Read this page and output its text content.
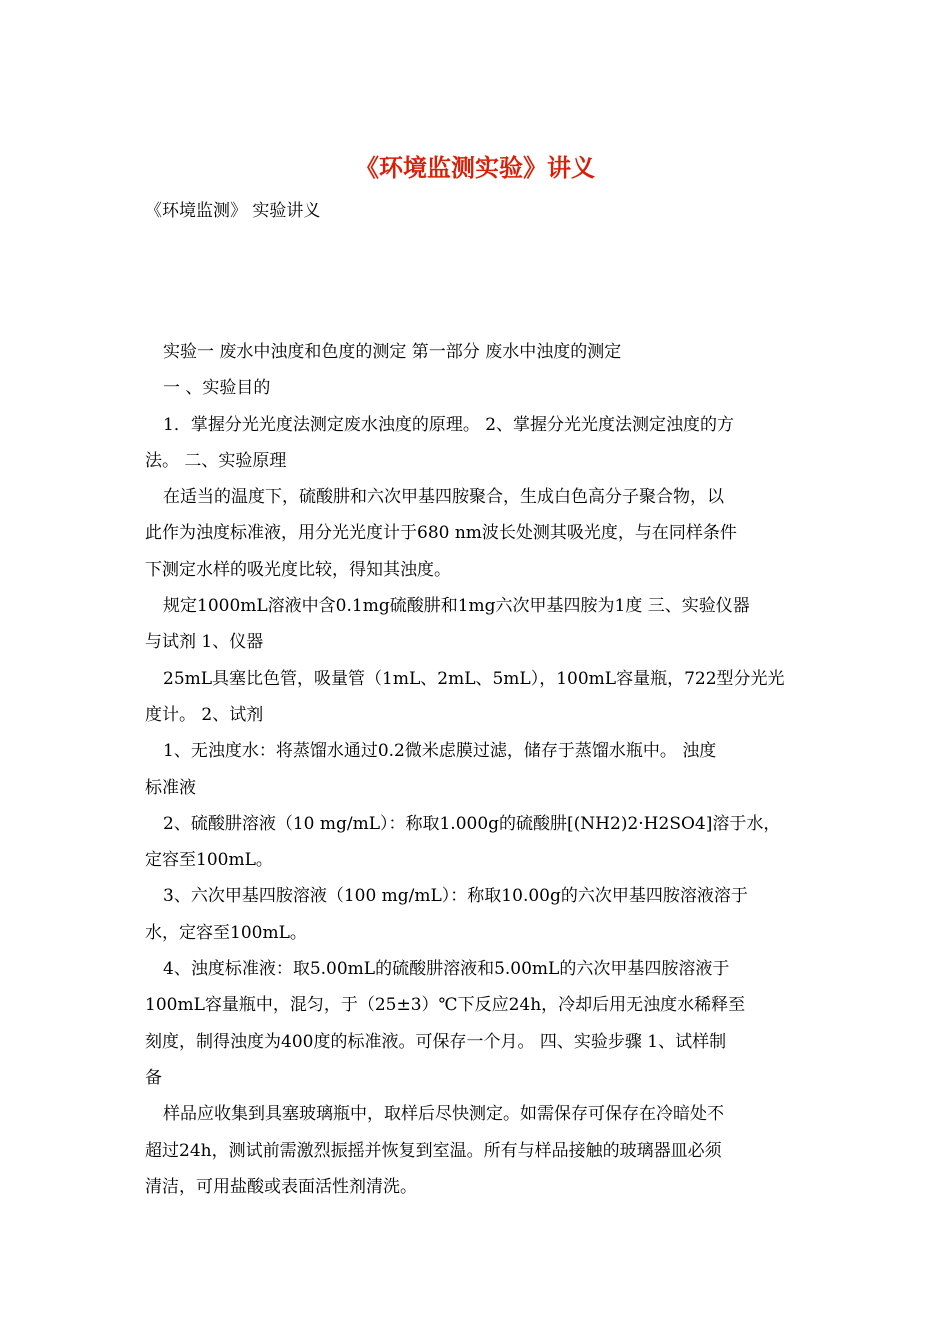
《环境监测实验》讲义
《环境监测》 实验讲义
实验一 废水中浊度和色度的测定 第一部分 废水中浊度的测定
一 、实验目的
1．掌握分光光度法测定废水浊度的原理。 2、掌握分光光度法测定浊度的方
法。 二、实验原理
在适当的温度下，硫酸肼和六次甲基四胺聚合，生成白色高分子聚合物，以
此作为浊度标准液，用分光光度计于680 nm波长处测其吸光度，与在同样条件
下测定水样的吸光度比较，得知其浊度。
规定1000mL溶液中含0.1mg硫酸肼和1mg六次甲基四胺为1度 三、实验仪器
与试剂 1、仪器
25mL具塞比色管，吸量管（1mL、2mL、5mL），100mL容量瓶，722型分光光
度计。 2、试剂
1、无浊度水：将蒸馏水通过0.2微米虑膜过滤，储存于蒸馏水瓶中。 浊度
标准液
2、硫酸肼溶液（10 mg/mL）：称取1.000g的硫酸肼[(NH2)2·H2SO4]溶于水，
定容至100mL。
3、六次甲基四胺溶液（100 mg/mL）：称取10.00g的六次甲基四胺溶液溶于
水，定容至100mL。
4、浊度标准液：取5.00mL的硫酸肼溶液和5.00mL的六次甲基四胺溶液于
100mL容量瓶中，混匀，于（25±3）℃下反应24h，冷却后用无浊度水稀释至
刻度，制得浊度为400度的标准液。可保存一个月。 四、实验步骤 1、试样制
备
样品应收集到具塞玻璃瓶中，取样后尽快测定。如需保存可保存在冷暗处不
超过24h，测试前需激烈振摇并恢复到室温。所有与样品接触的玻璃器皿必须
清洁，可用盐酸或表面活性剂清洗。
